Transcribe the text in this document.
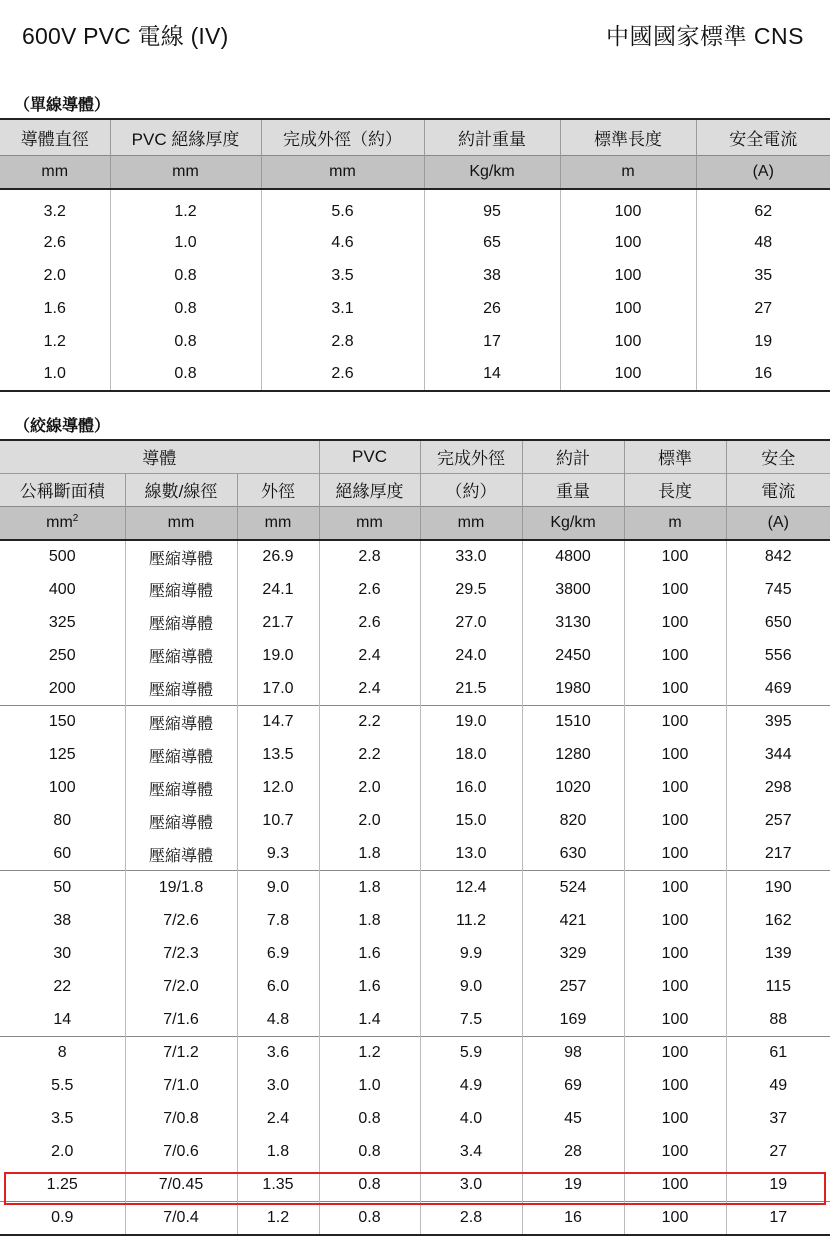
600V PVC 電線 (IV)	中國國家標準 CNS
（單線導體）
導體直徑	PVC 絕緣厚度	完成外徑（約）	約計重量	標準長度	安全電流
mm	mm	mm	Kg/km	m	(A)
3.2	1.2	5.6	95	100	62
2.6	1.0	4.6	65	100	48
2.0	0.8	3.5	38	100	35
1.6	0.8	3.1	26	100	27
1.2	0.8	2.8	17	100	19
1.0	0.8	2.6	14	100	16
（絞線導體）
導體			PVC	完成外徑	約計	標準	安全
公稱斷面積	線數/線徑	外徑	絕緣厚度	（約）	重量	長度	電流
$mm^2$	mm	mm	mm	mm	Kg/km	m	(A)
500	壓縮導體	26.9	2.8	33.0	4800	100	842
400	壓縮導體	24.1	2.6	29.5	3800	100	745
325	壓縮導體	21.7	2.6	27.0	3130	100	650
250	壓縮導體	19.0	2.4	24.0	2450	100	556
200	壓縮導體	17.0	2.4	21.5	1980	100	469
150	壓縮導體	14.7	2.2	19.0	1510	100	395
125	壓縮導體	13.5	2.2	18.0	1280	100	344
100	壓縮導體	12.0	2.0	16.0	1020	100	298
80	壓縮導體	10.7	2.0	15.0	820	100	257
60	壓縮導體	9.3	1.8	13.0	630	100	217
50	19/1.8	9.0	1.8	12.4	524	100	190
38	7/2.6	7.8	1.8	11.2	421	100	162
30	7/2.3	6.9	1.6	9.9	329	100	139
22	7/2.0	6.0	1.6	9.0	257	100	115
14	7/1.6	4.8	1.4	7.5	169	100	88
8	7/1.2	3.6	1.2	5.9	98	100	61
5.5	7/1.0	3.0	1.0	4.9	69	100	49
3.5	7/0.8	2.4	0.8	4.0	45	100	37
2.0	7/0.6	1.8	0.8	3.4	28	100	27
1.25	7/0.45	1.35	0.8	3.0	19	100	19
0.9	7/0.4	1.2	0.8	2.8	16	100	17
